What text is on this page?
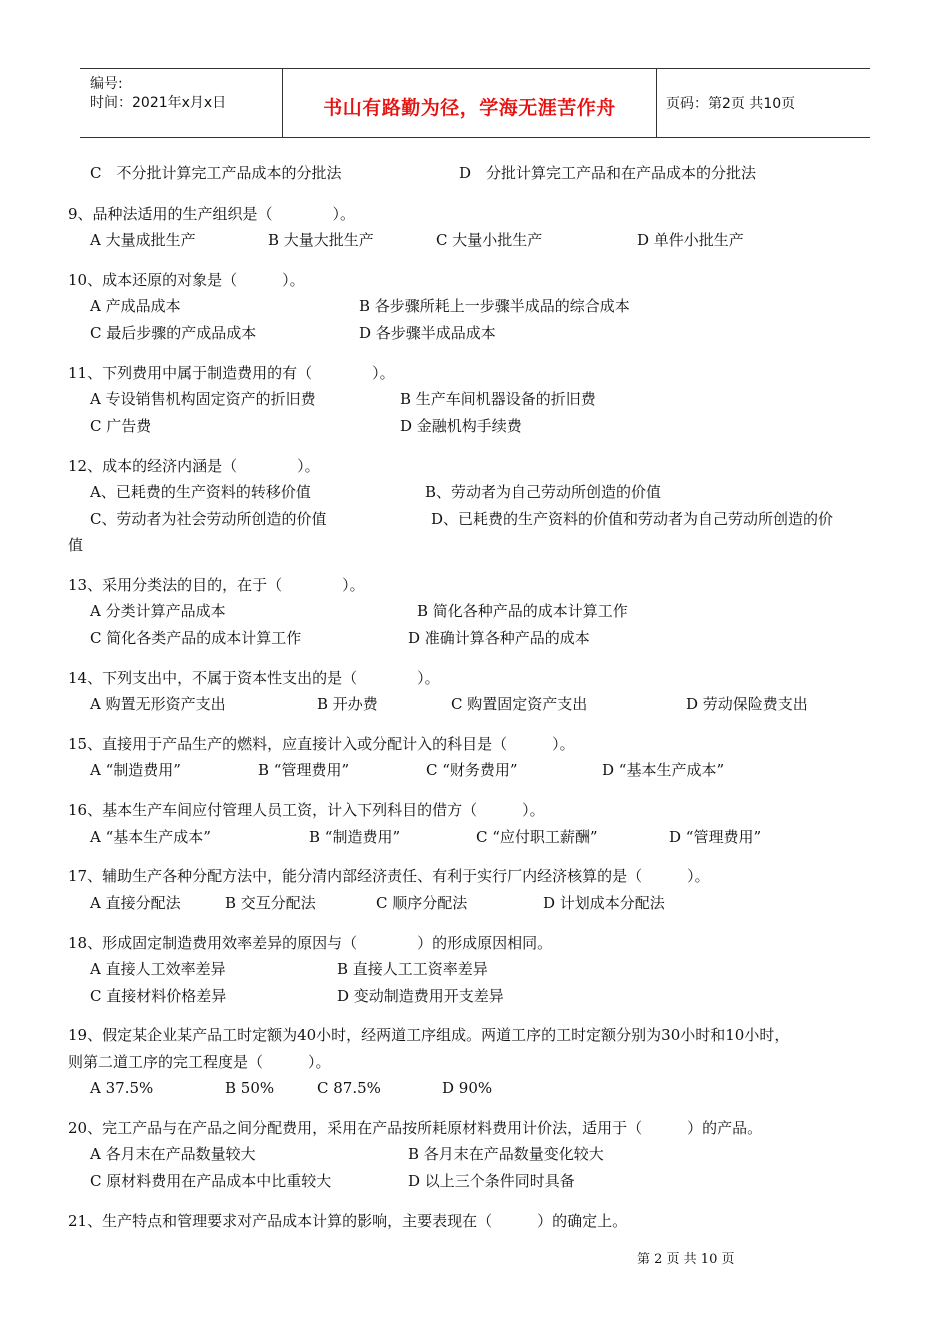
编号:
时间：2021年x月x日	书山有路勤为径，学海无涯苦作舟	页码：第2页 共10页
C　不分批计算完工产品成本的分批法	D　分批计算完工产品和在产品成本的分批法
9、品种法适用的生产组织是（　　　　）。
A 大量成批生产	B 大量大批生产	C 大量小批生产	D 单件小批生产
10、成本还原的对象是（　　　）。
A 产成品成本	B 各步骤所耗上一步骤半成品的综合成本
C 最后步骤的产成品成本	D 各步骤半成品成本
11、下列费用中属于制造费用的有（　　　　）。
A 专设销售机构固定资产的折旧费	B 生产车间机器设备的折旧费
C 广告费	D 金融机构手续费
12、成本的经济内涵是（　　　　）。
A、已耗费的生产资料的转移价值	B、劳动者为自己劳动所创造的价值
C、劳动者为社会劳动所创造的价值	D、已耗费的生产资料的价值和劳动者为自己劳动所创造的价
值
13、采用分类法的目的，在于（　　　　）。
A 分类计算产品成本	B 简化各种产品的成本计算工作
C 简化各类产品的成本计算工作	D 准确计算各种产品的成本
14、下列支出中，不属于资本性支出的是（　　　　）。
A 购置无形资产支出	B 开办费	C 购置固定资产支出	D 劳动保险费支出
15、直接用于产品生产的燃料，应直接计入或分配计入的科目是（　　　）。
A “制造费用”	B “管理费用”	C “财务费用”	D “基本生产成本”
16、基本生产车间应付管理人员工资，计入下列科目的借方（　　　）。
A “基本生产成本”	B “制造费用”	C “应付职工薪酬”	D “管理费用”
17、辅助生产各种分配方法中，能分清内部经济责任、有利于实行厂内经济核算的是（　　　）。
A 直接分配法	B 交互分配法	C 顺序分配法	D 计划成本分配法
18、形成固定制造费用效率差异的原因与（　　　　）的形成原因相同。
A 直接人工效率差异	B 直接人工工资率差异
C 直接材料价格差异	D 变动制造费用开支差异
19、假定某企业某产品工时定额为40小时，经两道工序组成。两道工序的工时定额分别为30小时和10小时，
则第二道工序的完工程度是（　　　）。
A 37.5%	B 50%	C 87.5%	D 90%
20、完工产品与在产品之间分配费用，采用在产品按所耗原材料费用计价法，适用于（　　　）的产品。
A 各月末在产品数量较大	B 各月末在产品数量变化较大
C 原材料费用在产品成本中比重较大	D 以上三个条件同时具备
21、生产特点和管理要求对产品成本计算的影响，主要表现在（　　　）的确定上。
第 2 页 共 10 页
